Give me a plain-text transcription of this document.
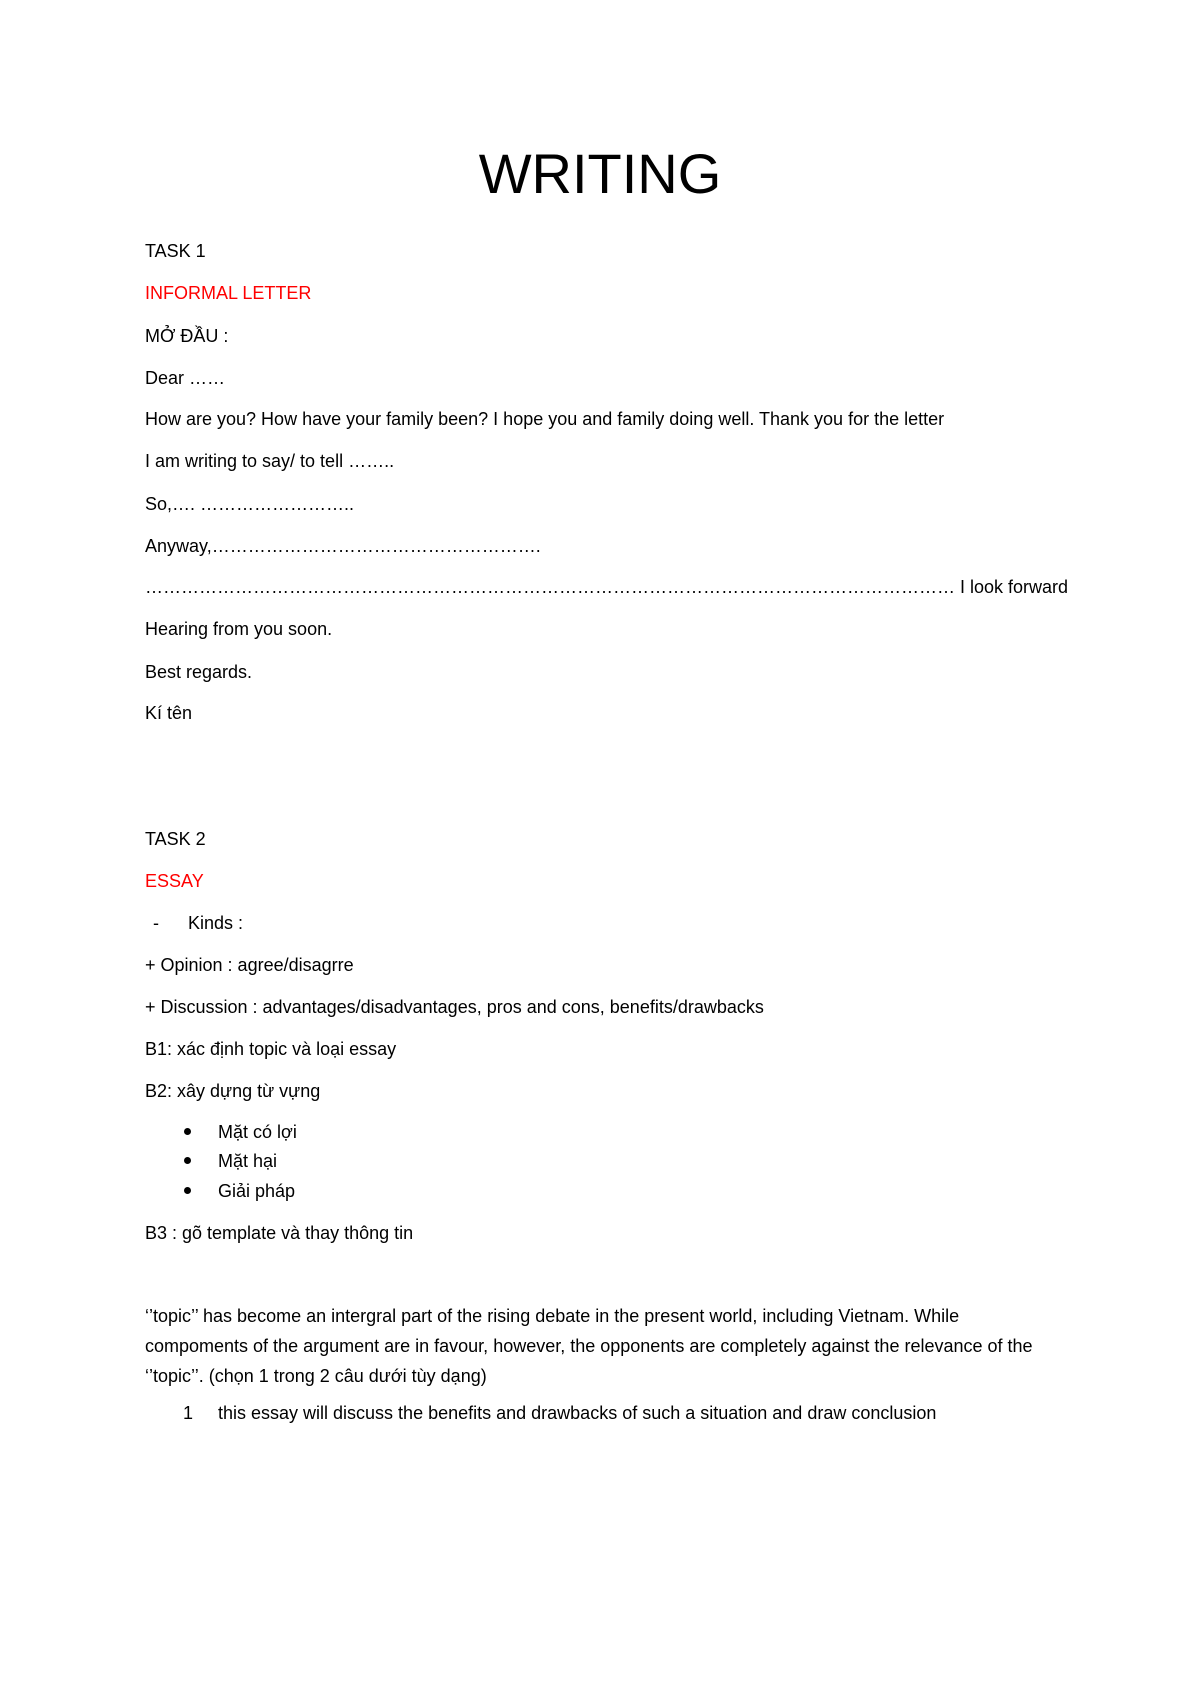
WRITING
TASK 1
INFORMAL LETTER
MỞ ĐẦU :
Dear ……
How are you? How have your family been? I hope you and family doing well. Thank you for the letter
I am writing to say/ to tell ……..
So,…. ……………………..
Anyway,……………………………………………….
……………………………………………………………………………………………………………………… I look forward
Hearing from you soon.
Best regards.
Kí tên
TASK 2
ESSAY
- Kinds :
+ Opinion : agree/disagrre
+ Discussion : advantages/disadvantages, pros and cons, benefits/drawbacks
B1: xác định topic và loại essay
B2: xây dựng từ vựng
Mặt có lợi
Mặt hại
Giải pháp
B3 : gõ template và thay thông tin
‘’topic’’ has become an intergral part of the rising debate in the present world, including Vietnam. While compoments of the argument are in favour, however, the opponents are completely against the relevance of the ‘’topic’’. (chọn 1 trong 2 câu dưới tùy dạng)
1 this essay will discuss the benefits and drawbacks of such a situation and draw conclusion
